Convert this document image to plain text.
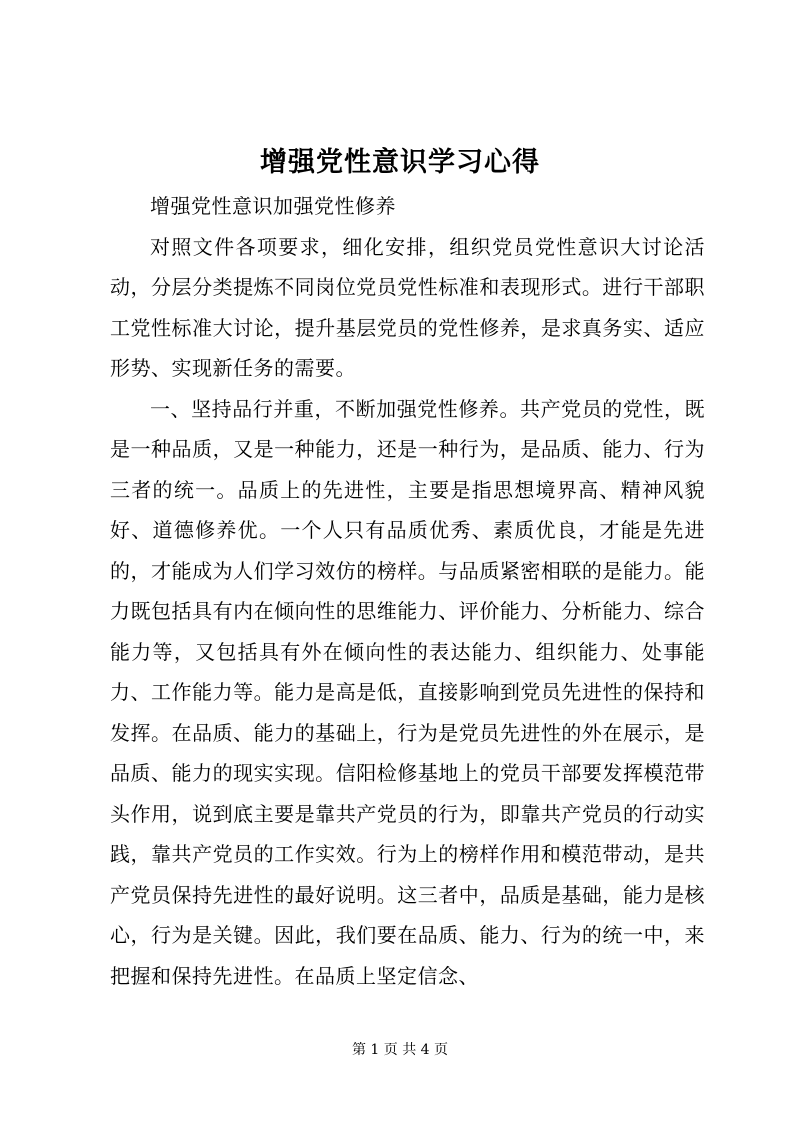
增强党性意识学习心得

增强党性意识加强党性修养

对照文件各项要求，细化安排，组织党员党性意识大讨论活动，分层分类提炼不同岗位党员党性标准和表现形式。进行干部职工党性标准大讨论，提升基层党员的党性修养，是求真务实、适应形势、实现新任务的需要。

一、坚持品行并重，不断加强党性修养。共产党员的党性，既是一种品质，又是一种能力，还是一种行为，是品质、能力、行为三者的统一。品质上的先进性，主要是指思想境界高、精神风貌好、道德修养优。一个人只有品质优秀、素质优良，才能是先进的，才能成为人们学习效仿的榜样。与品质紧密相联的是能力。能力既包括具有内在倾向性的思维能力、评价能力、分析能力、综合能力等，又包括具有外在倾向性的表达能力、组织能力、处事能力、工作能力等。能力是高是低，直接影响到党员先进性的保持和发挥。在品质、能力的基础上，行为是党员先进性的外在展示，是品质、能力的现实实现。信阳检修基地上的党员干部要发挥模范带头作用，说到底主要是靠共产党员的行为，即靠共产党员的行动实践，靠共产党员的工作实效。行为上的榜样作用和模范带动，是共产党员保持先进性的最好说明。这三者中，品质是基础，能力是核心，行为是关键。因此，我们要在品质、能力、行为的统一中，来把握和保持先进性。在品质上坚定信念、

第 1 页 共 4 页
